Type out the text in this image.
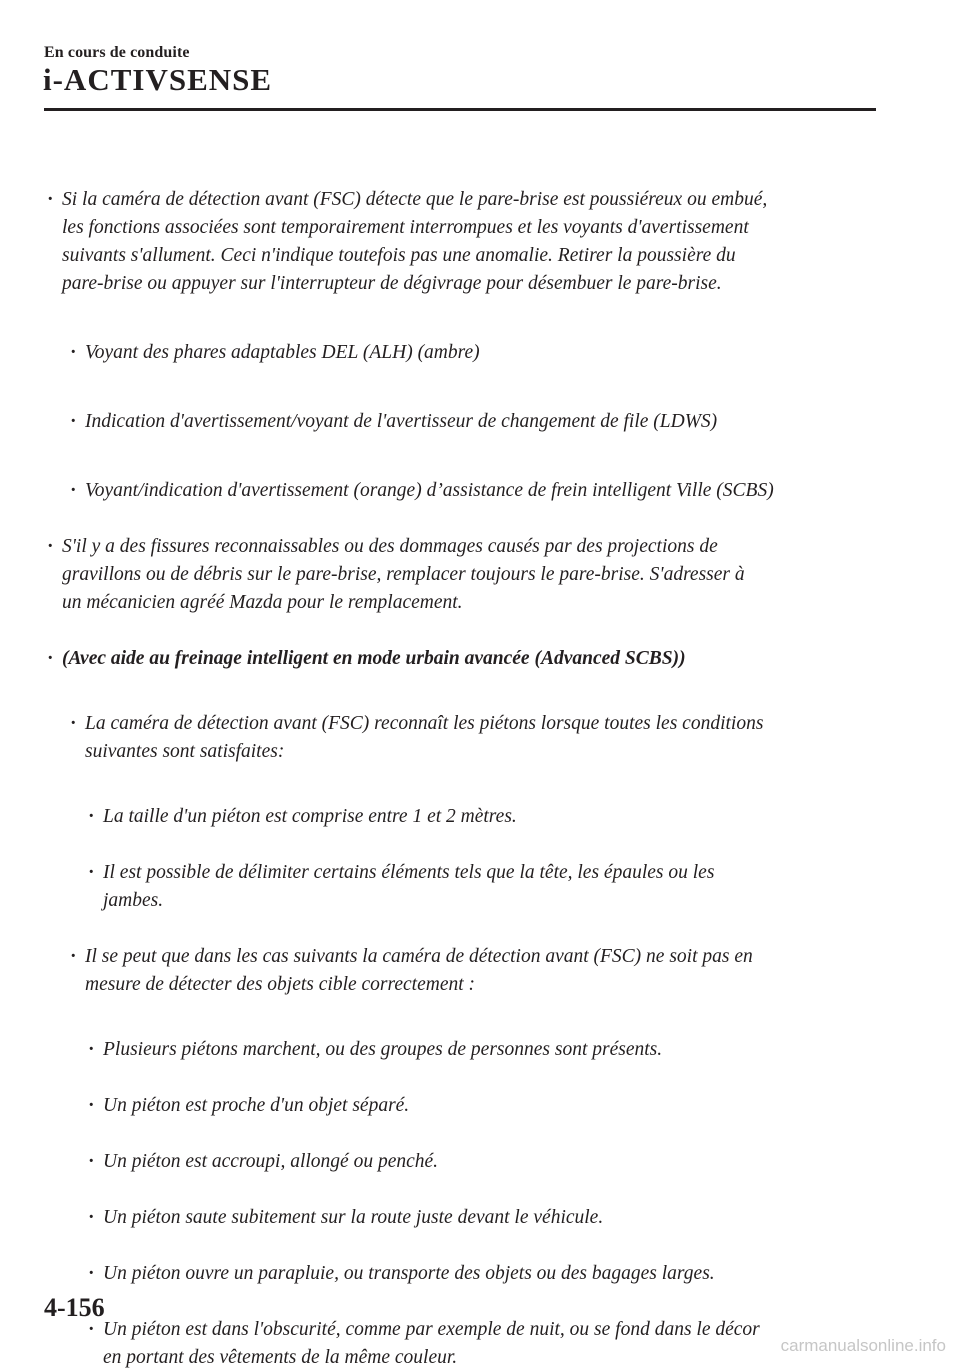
En cours de conduite
i-ACTIVSENSE

· Si la caméra de détection avant (FSC) détecte que le pare-brise est poussiéreux ou embué,
les fonctions associées sont temporairement interrompues et les voyants d'avertissement
suivants s'allument. Ceci n'indique toutefois pas une anomalie. Retirer la poussière du
pare-brise ou appuyer sur l'interrupteur de dégivrage pour désembuer le pare-brise.

· Voyant des phares adaptables DEL (ALH) (ambre)

· Indication d'avertissement/voyant de l'avertisseur de changement de file (LDWS)

· Voyant/indication d'avertissement (orange) d’assistance de frein intelligent Ville (SCBS)

· S'il y a des fissures reconnaissables ou des dommages causés par des projections de
gravillons ou de débris sur le pare-brise, remplacer toujours le pare-brise. S'adresser à
un mécanicien agréé Mazda pour le remplacement.

· (Avec aide au freinage intelligent en mode urbain avancée (Advanced SCBS))

· La caméra de détection avant (FSC) reconnaît les piétons lorsque toutes les conditions
suivantes sont satisfaites:

· La taille d'un piéton est comprise entre 1 et 2 mètres.

· Il est possible de délimiter certains éléments tels que la tête, les épaules ou les
jambes.

· Il se peut que dans les cas suivants la caméra de détection avant (FSC) ne soit pas en
mesure de détecter des objets cible correctement :

· Plusieurs piétons marchent, ou des groupes de personnes sont présents.

· Un piéton est proche d'un objet séparé.

· Un piéton est accroupi, allongé ou penché.

· Un piéton saute subitement sur la route juste devant le véhicule.

· Un piéton ouvre un parapluie, ou transporte des objets ou des bagages larges.

· Un piéton est dans l'obscurité, comme par exemple de nuit, ou se fond dans le décor
en portant des vêtements de la même couleur.

4-156
carmanualsonline.info
